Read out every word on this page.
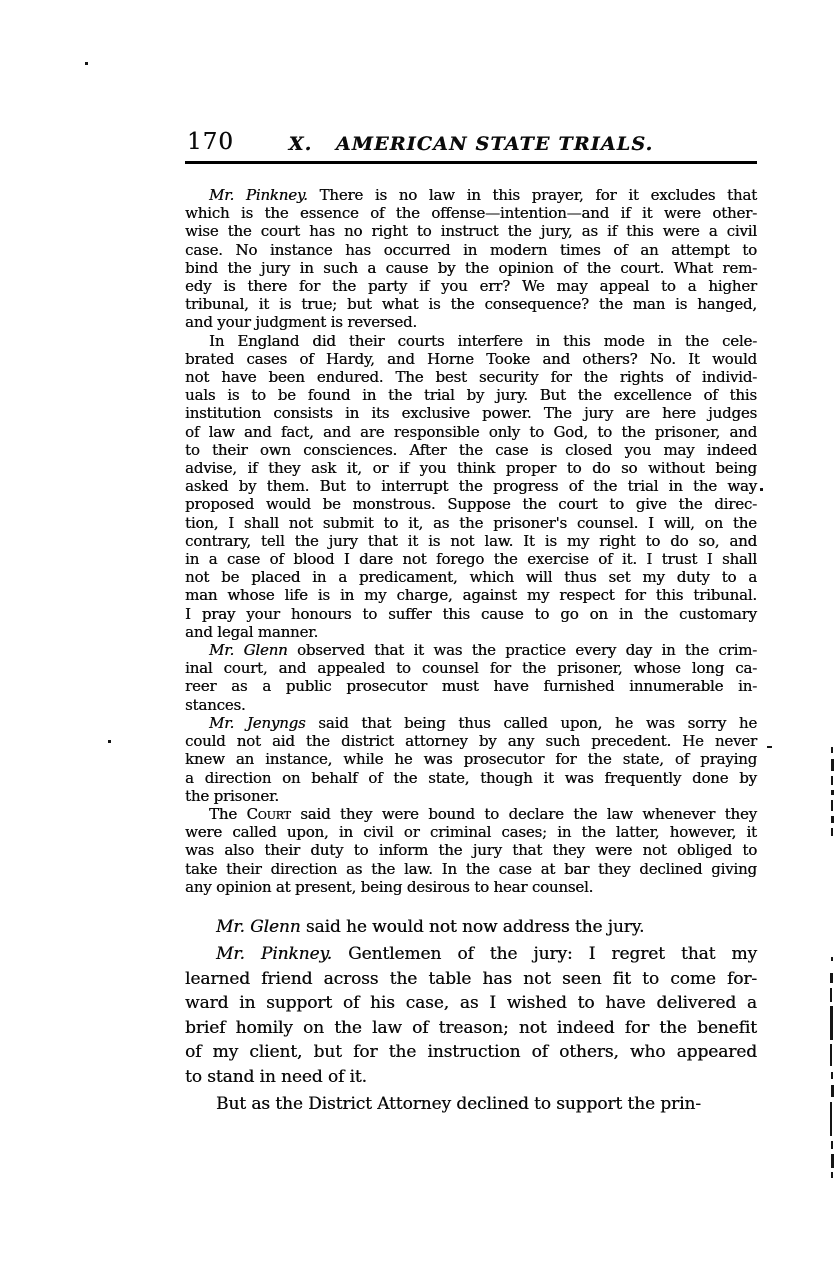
170	X.   AMERICAN STATE TRIALS.
Mr. Pinkney. There is no law in this prayer, for it excludes that
which is the essence of the offense—intention—and if it were other-
wise the court has no right to instruct the jury, as if this were a civil
case. No instance has occurred in modern times of an attempt to
bind the jury in such a cause by the opinion of the court. What rem-
edy is there for the party if you err? We may appeal to a higher
tribunal, it is true; but what is the consequence? the man is hanged,
and your judgment is reversed.
In England did their courts interfere in this mode in the cele-
brated cases of Hardy, and Horne Tooke and others? No. It would
not have been endured. The best security for the rights of individ-
uals is to be found in the trial by jury. But the excellence of this
institution consists in its exclusive power. The jury are here judges
of law and fact, and are responsible only to God, to the prisoner, and
to their own consciences. After the case is closed you may indeed
advise, if they ask it, or if you think proper to do so without being
asked by them. But to interrupt the progress of the trial in the way
proposed would be monstrous. Suppose the court to give the direc-
tion, I shall not submit to it, as the prisoner's counsel. I will, on the
contrary, tell the jury that it is not law. It is my right to do so, and
in a case of blood I dare not forego the exercise of it. I trust I shall
not be placed in a predicament, which will thus set my duty to a
man whose life is in my charge, against my respect for this tribunal.
I pray your honours to suffer this cause to go on in the customary
and legal manner.
Mr. Glenn observed that it was the practice every day in the crim-
inal court, and appealed to counsel for the prisoner, whose long ca-
reer as a public prosecutor must have furnished innumerable in-
stances.
Mr. Jenyngs said that being thus called upon, he was sorry he
could not aid the district attorney by any such precedent. He never
knew an instance, while he was prosecutor for the state, of praying
a direction on behalf of the state, though it was frequently done by
the prisoner.
The Court said they were bound to declare the law whenever they
were called upon, in civil or criminal cases; in the latter, however, it
was also their duty to inform the jury that they were not obliged to
take their direction as the law. In the case at bar they declined giving
any opinion at present, being desirous to hear counsel.
Mr. Glenn said he would not now address the jury.
Mr. Pinkney. Gentlemen of the jury: I regret that my
learned friend across the table has not seen fit to come for-
ward in support of his case, as I wished to have delivered a
brief homily on the law of treason; not indeed for the benefit
of my client, but for the instruction of others, who appeared
to stand in need of it.
But as the District Attorney declined to support the prin-
